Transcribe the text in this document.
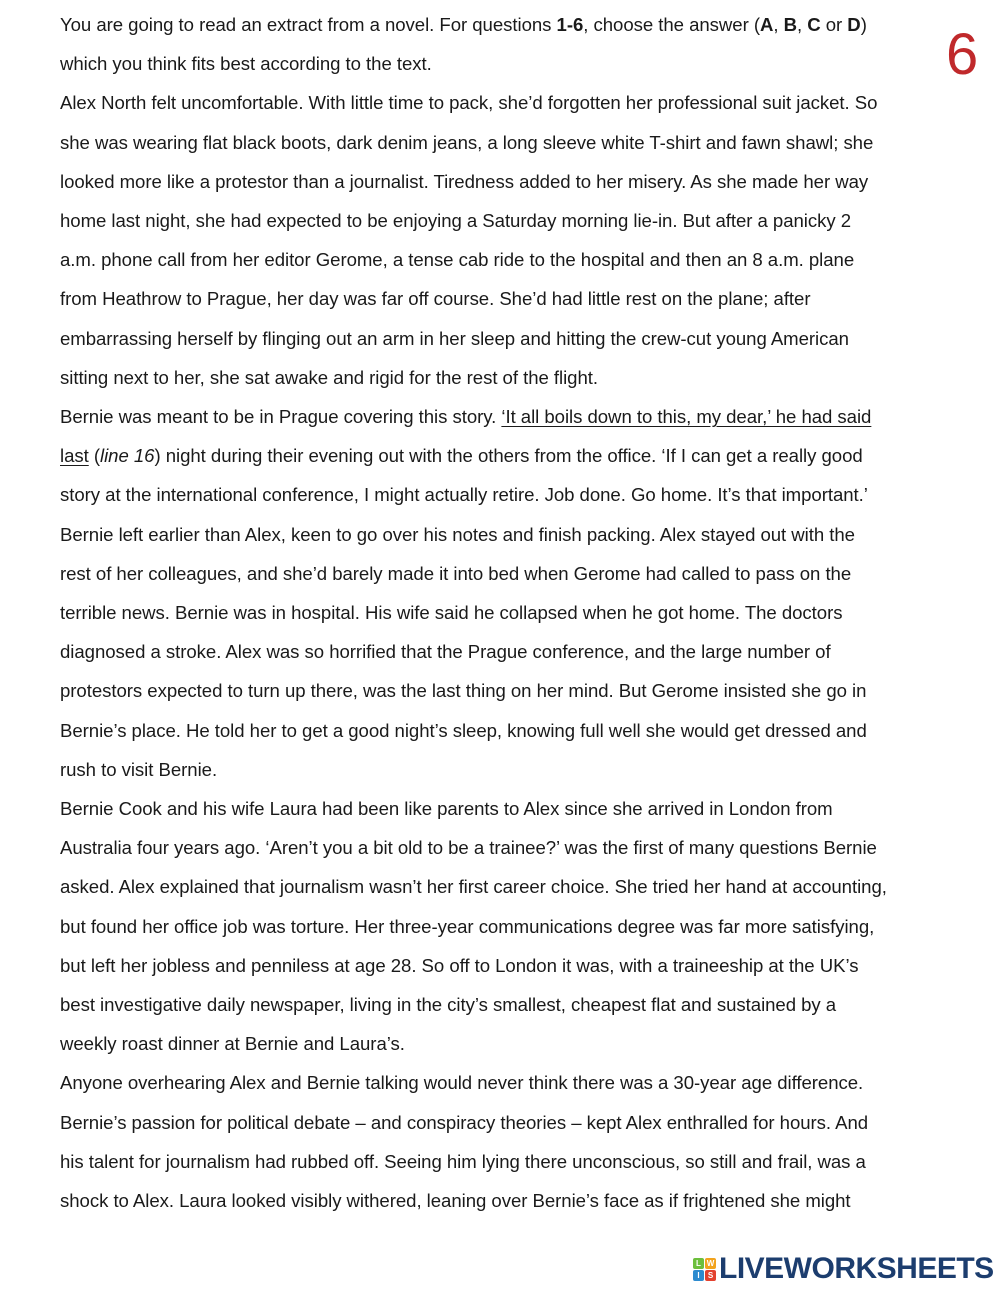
6

You are going to read an extract from a novel. For questions 1-6, choose the answer (A, B, C or D)
which you think fits best according to the text.

Alex North felt uncomfortable. With little time to pack, she’d forgotten her professional suit jacket. So
she was wearing flat black boots, dark denim jeans, a long sleeve white T-shirt and fawn shawl; she
looked more like a protestor than a journalist. Tiredness added to her misery. As she made her way
home last night, she had expected to be enjoying a Saturday morning lie-in. But after a panicky 2
a.m. phone call from her editor Gerome, a tense cab ride to the hospital and then an 8 a.m. plane
from Heathrow to Prague, her day was far off course. She’d had little rest on the plane; after
embarrassing herself by flinging out an arm in her sleep and hitting the crew-cut young American
sitting next to her, she sat awake and rigid for the rest of the flight.

Bernie was meant to be in Prague covering this story. ‘It all boils down to this, my dear,’ he had said
last (line 16) night during their evening out with the others from the office. ‘If I can get a really good
story at the international conference, I might actually retire. Job done. Go home. It’s that important.’
Bernie left earlier than Alex, keen to go over his notes and finish packing. Alex stayed out with the
rest of her colleagues, and she’d barely made it into bed when Gerome had called to pass on the
terrible news. Bernie was in hospital. His wife said he collapsed when he got home. The doctors
diagnosed a stroke. Alex was so horrified that the Prague conference, and the large number of
protestors expected to turn up there, was the last thing on her mind. But Gerome insisted she go in
Bernie’s place. He told her to get a good night’s sleep, knowing full well she would get dressed and
rush to visit Bernie.

Bernie Cook and his wife Laura had been like parents to Alex since she arrived in London from
Australia four years ago. ‘Aren’t you a bit old to be a trainee?’ was the first of many questions Bernie
asked. Alex explained that journalism wasn’t her first career choice. She tried her hand at accounting,
but found her office job was torture. Her three-year communications degree was far more satisfying,
but left her jobless and penniless at age 28. So off to London it was, with a traineeship at the UK’s
best investigative daily newspaper, living in the city’s smallest, cheapest flat and sustained by a
weekly roast dinner at Bernie and Laura’s.

Anyone overhearing Alex and Bernie talking would never think there was a 30-year age difference.
Bernie’s passion for political debate – and conspiracy theories – kept Alex enthralled for hours. And
his talent for journalism had rubbed off. Seeing him lying there unconscious, so still and frail, was a
shock to Alex. Laura looked visibly withered, leaning over Bernie’s face as if frightened she might

L W
I	S LIVEWORKSHEETS
